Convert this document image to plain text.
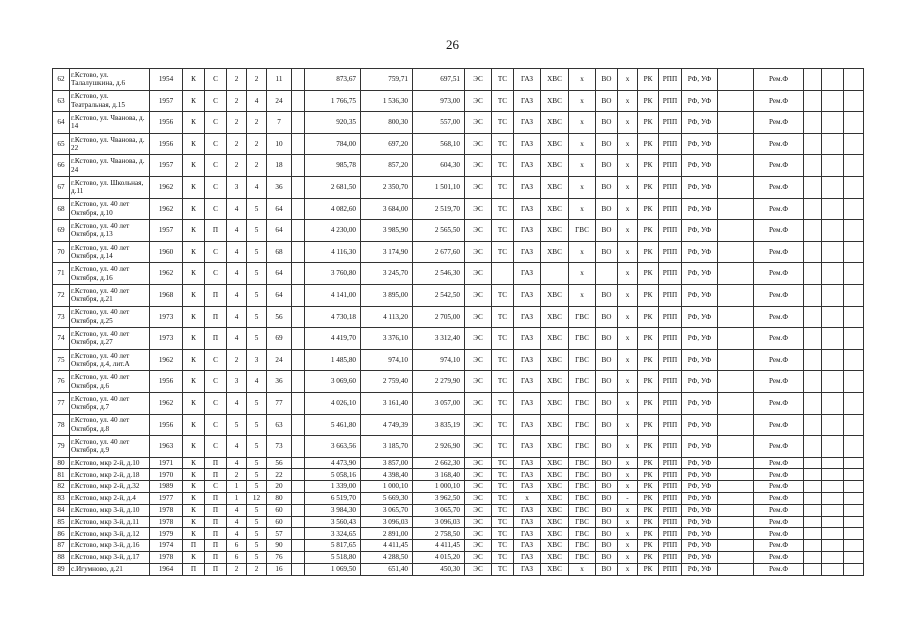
26
62	г.Кстово, ул. Талалушкина, д.6	1954	К	С	2	2	11		873,67	759,71	697,51	ЭС	ТС	ГАЗ	ХВС	х	ВО	х	РК	РПП	РФ, УФ		Рем.Ф			
63	г.Кстово, ул. Театральная, д.15	1957	К	С	2	4	24		1 766,75	1 536,30	973,00	ЭС	ТС	ГАЗ	ХВС	х	ВО	х	РК	РПП	РФ, УФ		Рем.Ф			
64	г.Кстово, ул. Чванова, д. 14	1956	К	С	2	2	7		920,35	800,30	557,00	ЭС	ТС	ГАЗ	ХВС	х	ВО	х	РК	РПП	РФ, УФ		Рем.Ф			
65	г.Кстово, ул. Чванова, д. 22	1956	К	С	2	2	10		784,00	697,20	568,10	ЭС	ТС	ГАЗ	ХВС	х	ВО	х	РК	РПП	РФ, УФ		Рем.Ф			
66	г.Кстово, ул. Чванова, д. 24	1957	К	С	2	2	18		985,78	857,20	604,30	ЭС	ТС	ГАЗ	ХВС	х	ВО	х	РК	РПП	РФ, УФ		Рем.Ф			
67	г.Кстово, ул. Школьная, д.11	1962	К	С	3	4	36		2 681,50	2 350,70	1 501,10	ЭС	ТС	ГАЗ	ХВС	х	ВО	х	РК	РПП	РФ, УФ		Рем.Ф			
68	г.Кстово, ул. 40 лет Октября, д.10	1962	К	С	4	5	64		4 082,60	3 684,00	2 519,70	ЭС	ТС	ГАЗ	ХВС	х	ВО	х	РК	РПП	РФ, УФ		Рем.Ф			
69	г.Кстово, ул. 40 лет Октября, д.13	1957	К	П	4	5	64		4 230,00	3 985,90	2 565,50	ЭС	ТС	ГАЗ	ХВС	ГВС	ВО	х	РК	РПП	РФ, УФ		Рем.Ф			
70	г.Кстово, ул. 40 лет Октября, д.14	1960	К	С	4	5	68		4 116,30	3 174,90	2 677,60	ЭС	ТС	ГАЗ	ХВС	х	ВО	х	РК	РПП	РФ, УФ		Рем.Ф			
71	г.Кстово, ул. 40 лет Октября, д.16	1962	К	С	4	5	64		3 760,80	3 245,70	2 546,30	ЭС		ГАЗ		х		х	РК	РПП	РФ, УФ		Рем.Ф			
72	г.Кстово, ул. 40 лет Октября, д.21	1968	К	П	4	5	64		4 141,00	3 895,00	2 542,50	ЭС	ТС	ГАЗ	ХВС	х	ВО	х	РК	РПП	РФ, УФ		Рем.Ф			
73	г.Кстово, ул. 40 лет Октября, д.25	1973	К	П	4	5	56		4 730,18	4 113,20	2 705,00	ЭС	ТС	ГАЗ	ХВС	ГВС	ВО	х	РК	РПП	РФ, УФ		Рем.Ф			
74	г.Кстово, ул. 40 лет Октября, д.27	1973	К	П	4	5	69		4 419,70	3 376,10	3 312,40	ЭС	ТС	ГАЗ	ХВС	ГВС	ВО	х	РК	РПП	РФ, УФ		Рем.Ф			
75	г.Кстово, ул. 40 лет Октября, д.4, лит.А	1962	К	С	2	3	24		1 485,80	974,10	974,10	ЭС	ТС	ГАЗ	ХВС	ГВС	ВО	х	РК	РПП	РФ, УФ		Рем.Ф			
76	г.Кстово, ул. 40 лет Октября, д.6	1956	К	С	3	4	36		3 069,60	2 759,40	2 279,90	ЭС	ТС	ГАЗ	ХВС	ГВС	ВО	х	РК	РПП	РФ, УФ		Рем.Ф			
77	г.Кстово, ул. 40 лет Октября, д.7	1962	К	С	4	5	77		4 026,10	3 161,40	3 057,00	ЭС	ТС	ГАЗ	ХВС	ГВС	ВО	х	РК	РПП	РФ, УФ		Рем.Ф			
78	г.Кстово, ул. 40 лет Октября, д.8	1956	К	С	5	5	63		5 461,80	4 749,39	3 835,19	ЭС	ТС	ГАЗ	ХВС	ГВС	ВО	х	РК	РПП	РФ, УФ		Рем.Ф			
79	г.Кстово, ул. 40 лет Октября, д.9	1963	К	С	4	5	73		3 663,56	3 185,70	2 926,90	ЭС	ТС	ГАЗ	ХВС	ГВС	ВО	х	РК	РПП	РФ, УФ		Рем.Ф			
80	г.Кстово, мкр 2-й, д.10	1971	К	П	4	5	56		4 473,90	3 857,00	2 662,30	ЭС	ТС	ГАЗ	ХВС	ГВС	ВО	х	РК	РПП	РФ, УФ		Рем.Ф			
81	г.Кстово, мкр 2-й, д.18	1970	К	П	2	5	22		5 058,16	4 398,40	3 168,40	ЭС	ТС	ГАЗ	ХВС	ГВС	ВО	х	РК	РПП	РФ, УФ		Рем.Ф			
82	г.Кстово, мкр 2-й, д.32	1989	К	С	1	5	20		1 339,00	1 000,10	1 000,10	ЭС	ТС	ГАЗ	ХВС	ГВС	ВО	х	РК	РПП	РФ, УФ		Рем.Ф			
83	г.Кстово, мкр 2-й, д.4	1977	К	П	1	12	80		6 519,70	5 669,30	3 962,50	ЭС	ТС	х	ХВС	ГВС	ВО	-	РК	РПП	РФ, УФ		Рем.Ф			
84	г.Кстово, мкр 3-й, д.10	1978	К	П	4	5	60		3 984,30	3 065,70	3 065,70	ЭС	ТС	ГАЗ	ХВС	ГВС	ВО	х	РК	РПП	РФ, УФ		Рем.Ф			
85	г.Кстово, мкр 3-й, д.11	1978	К	П	4	5	60		3 560,43	3 096,03	3 096,03	ЭС	ТС	ГАЗ	ХВС	ГВС	ВО	х	РК	РПП	РФ, УФ		Рем.Ф			
86	г.Кстово, мкр 3-й, д.12	1979	К	П	4	5	57		3 324,65	2 891,00	2 758,50	ЭС	ТС	ГАЗ	ХВС	ГВС	ВО	х	РК	РПП	РФ, УФ		Рем.Ф			
87	г.Кстово, мкр 3-й, д.16	1974	П	П	6	5	90		5 817,65	4 411,45	4 411,45	ЭС	ТС	ГАЗ	ХВС	ГВС	ВО	х	РК	РПП	РФ, УФ		Рем.Ф			
88	г.Кстово, мкр 3-й, д.17	1978	К	П	6	5	76		5 518,80	4 288,50	4 015,20	ЭС	ТС	ГАЗ	ХВС	ГВС	ВО	х	РК	РПП	РФ, УФ		Рем.Ф			
89	с.Игумново, д.21	1964	П	П	2	2	16		1 069,50	651,40	450,30	ЭС	ТС	ГАЗ	ХВС	х	ВО	х	РК	РПП	РФ, УФ		Рем.Ф			
